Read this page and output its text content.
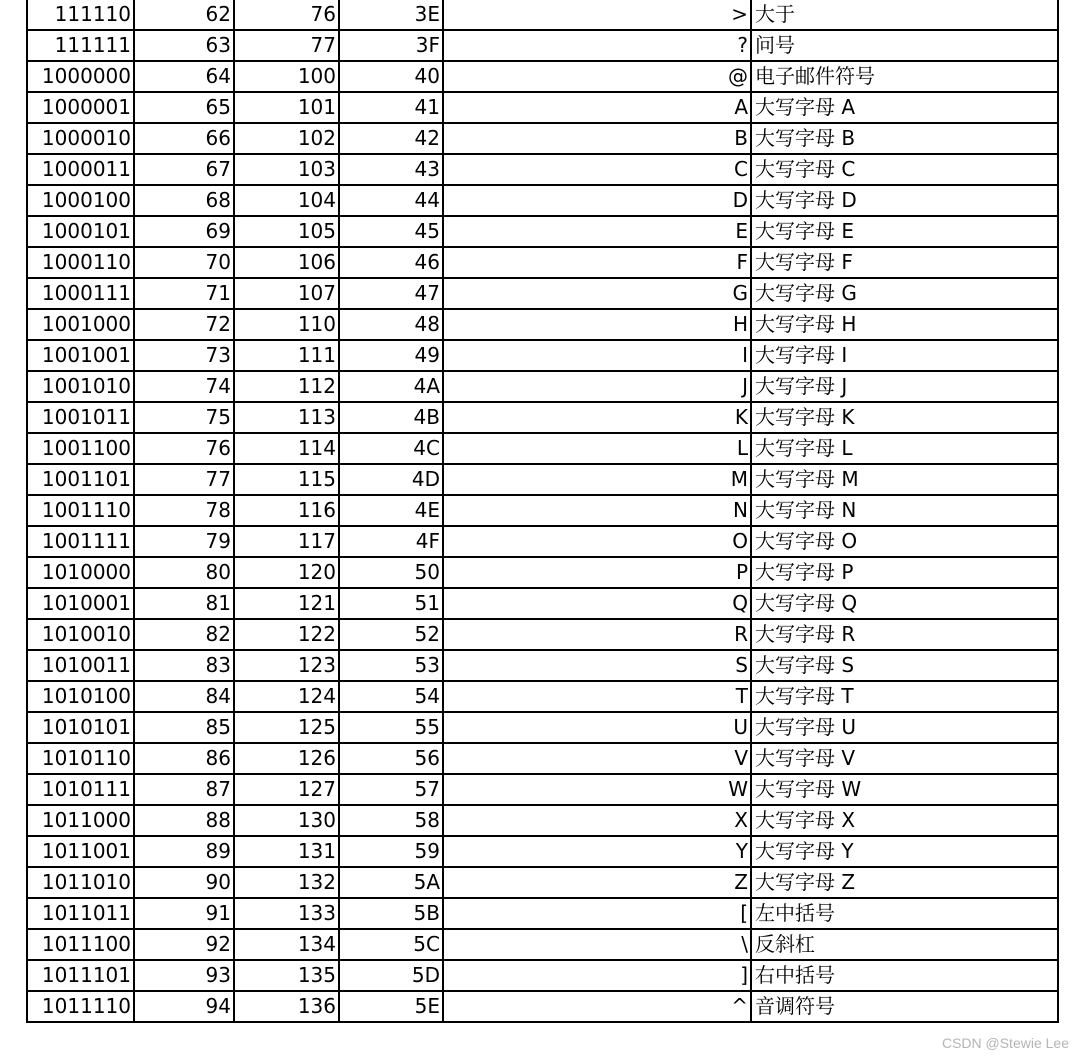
111110	62	76	3E	>	大于
111111	63	77	3F	?	问号
1000000	64	100	40	@	电子邮件符号
1000001	65	101	41	A	大写字母 A
1000010	66	102	42	B	大写字母 B
1000011	67	103	43	C	大写字母 C
1000100	68	104	44	D	大写字母 D
1000101	69	105	45	E	大写字母 E
1000110	70	106	46	F	大写字母 F
1000111	71	107	47	G	大写字母 G
1001000	72	110	48	H	大写字母 H
1001001	73	111	49	I	大写字母 I
1001010	74	112	4A	J	大写字母 J
1001011	75	113	4B	K	大写字母 K
1001100	76	114	4C	L	大写字母 L
1001101	77	115	4D	M	大写字母 M
1001110	78	116	4E	N	大写字母 N
1001111	79	117	4F	O	大写字母 O
1010000	80	120	50	P	大写字母 P
1010001	81	121	51	Q	大写字母 Q
1010010	82	122	52	R	大写字母 R
1010011	83	123	53	S	大写字母 S
1010100	84	124	54	T	大写字母 T
1010101	85	125	55	U	大写字母 U
1010110	86	126	56	V	大写字母 V
1010111	87	127	57	W	大写字母 W
1011000	88	130	58	X	大写字母 X
1011001	89	131	59	Y	大写字母 Y
1011010	90	132	5A	Z	大写字母 Z
1011011	91	133	5B	[	左中括号
1011100	92	134	5C	\	反斜杠
1011101	93	135	5D	]	右中括号
1011110	94	136	5E	^	音调符号
CSDN @Stewie Lee
